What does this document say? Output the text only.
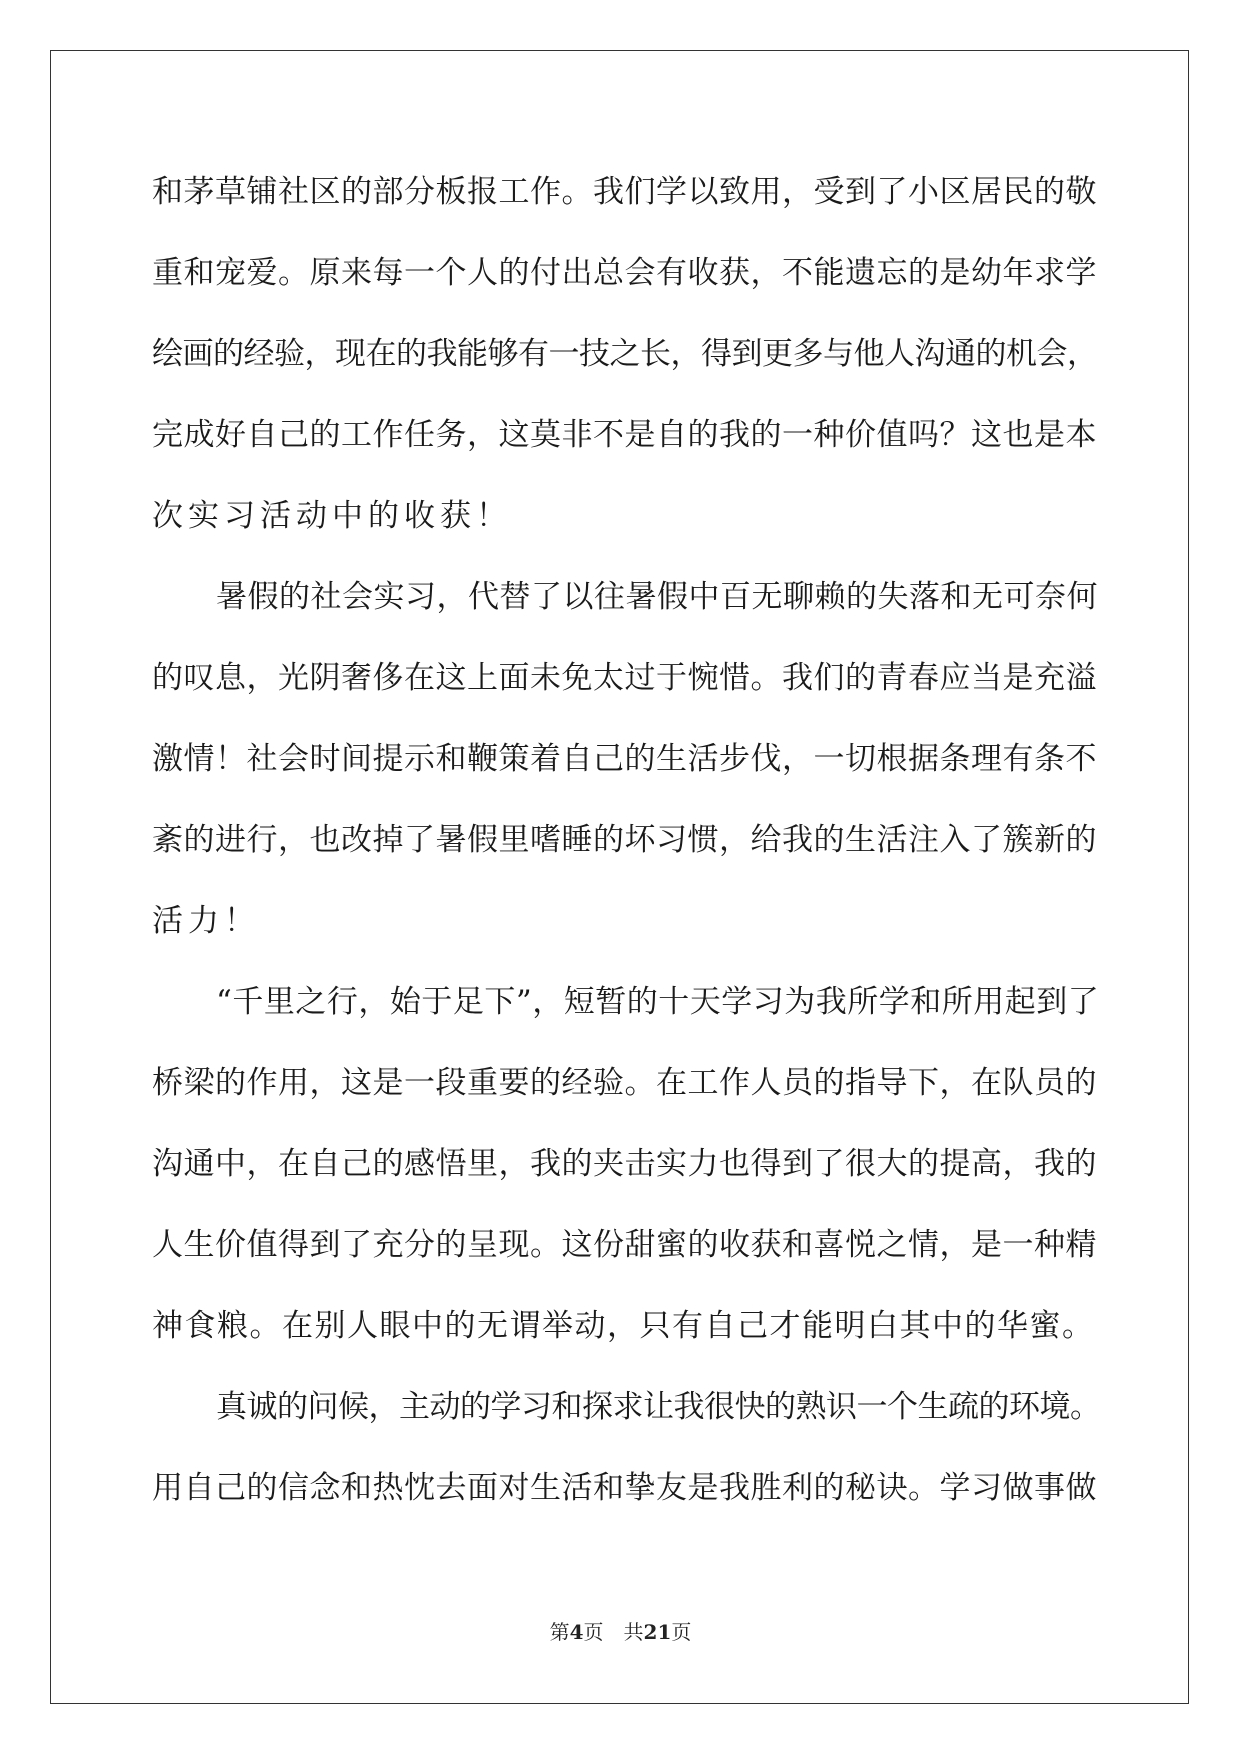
和茅草铺社区的部分板报工作。我们学以致用，受到了小区居民的敬

重和宠爱。原来每一个人的付出总会有收获，不能遗忘的是幼年求学

绘画的经验，现在的我能够有一技之长，得到更多与他人沟通的机会，

完成好自己的工作任务，这莫非不是自的我的一种价值吗？这也是本

次实习活动中的收获！

暑假的社会实习，代替了以往暑假中百无聊赖的失落和无可奈何

的叹息，光阴奢侈在这上面未免太过于惋惜。我们的青春应当是充溢

激情！社会时间提示和鞭策着自己的生活步伐，一切根据条理有条不

紊的进行，也改掉了暑假里嗜睡的坏习惯，给我的生活注入了簇新的

活力！

“千里之行，始于足下”，短暂的十天学习为我所学和所用起到了

桥梁的作用，这是一段重要的经验。在工作人员的指导下，在队员的

沟通中，在自己的感悟里，我的夹击实力也得到了很大的提高，我的

人生价值得到了充分的呈现。这份甜蜜的收获和喜悦之情，是一种精

神食粮。在别人眼中的无谓举动，只有自己才能明白其中的华蜜。

真诚的问候，主动的学习和探求让我很快的熟识一个生疏的环境。

用自己的信念和热忱去面对生活和挚友是我胜利的秘诀。学习做事做

第4页　共21页
